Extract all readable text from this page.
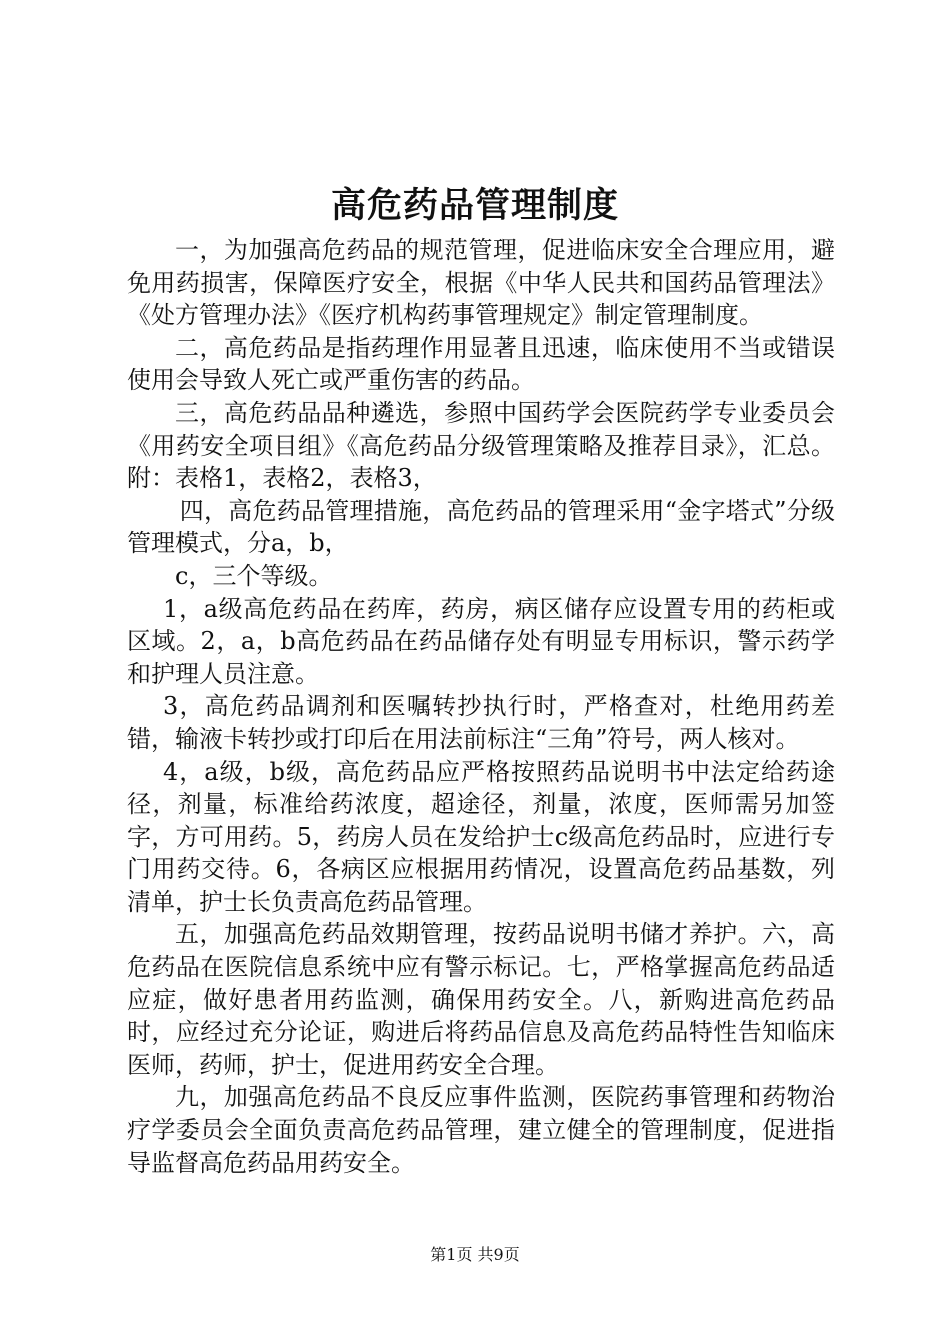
高危药品管理制度

一，为加强高危药品的规范管理，促进临床安全合理应用，避免用药损害，保障医疗安全，根据《中华人民共和国药品管理法》《处方管理办法》《医疗机构药事管理规定》制定管理制度。

二，高危药品是指药理作用显著且迅速，临床使用不当或错误使用会导致人死亡或严重伤害的药品。

三，高危药品品种遴选，参照中国药学会医院药学专业委员会《用药安全项目组》《高危药品分级管理策略及推荐目录》，汇总。附：表格1，表格2，表格3，

四，高危药品管理措施，高危药品的管理采用“金字塔式”分级管理模式，分a，b，

c，三个等级。

1，a级高危药品在药库，药房，病区储存应设置专用的药柜或区域。2，a，b高危药品在药品储存处有明显专用标识，警示药学和护理人员注意。

3，高危药品调剂和医嘱转抄执行时，严格查对，杜绝用药差错，输液卡转抄或打印后在用法前标注“三角”符号，两人核对。

4，a级，b级，高危药品应严格按照药品说明书中法定给药途径，剂量，标准给药浓度，超途径，剂量，浓度，医师需另加签字，方可用药。5，药房人员在发给护士c级高危药品时，应进行专门用药交待。6，各病区应根据用药情况，设置高危药品基数，列清单，护士长负责高危药品管理。

五，加强高危药品效期管理，按药品说明书储才养护。六，高危药品在医院信息系统中应有警示标记。七，严格掌握高危药品适应症，做好患者用药监测，确保用药安全。八，新购进高危药品时，应经过充分论证，购进后将药品信息及高危药品特性告知临床医师，药师，护士，促进用药安全合理。

九，加强高危药品不良反应事件监测，医院药事管理和药物治疗学委员会全面负责高危药品管理，建立健全的管理制度，促进指导监督高危药品用药安全。

第1页 共9页
